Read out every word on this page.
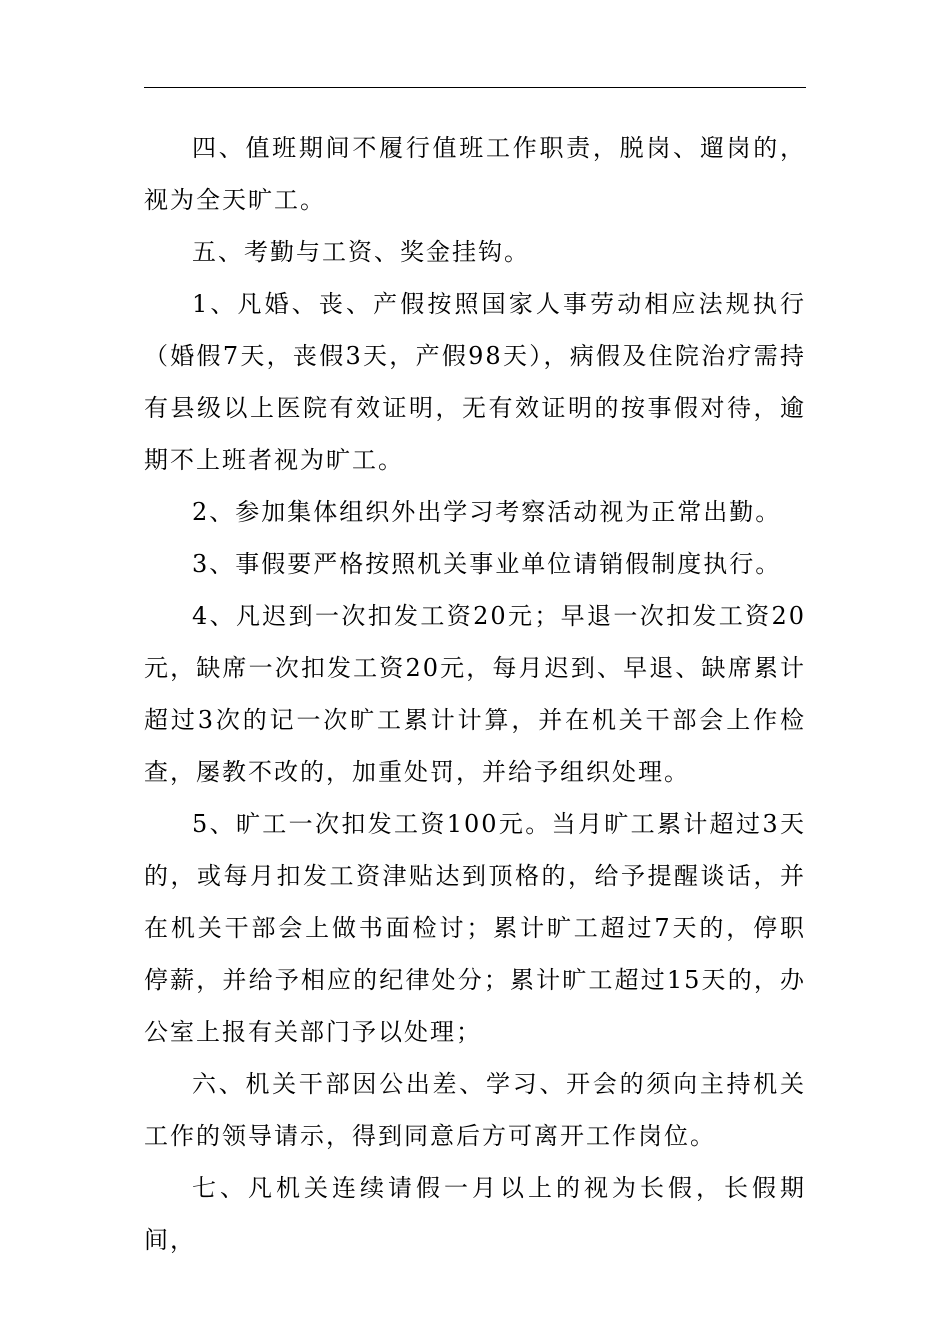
四、值班期间不履行值班工作职责，脱岗、遛岗的，视为全天旷工。

五、考勤与工资、奖金挂钩。

1、凡婚、丧、产假按照国家人事劳动相应法规执行（婚假7天，丧假3天，产假98天），病假及住院治疗需持有县级以上医院有效证明，无有效证明的按事假对待，逾期不上班者视为旷工。

2、参加集体组织外出学习考察活动视为正常出勤。

3、事假要严格按照机关事业单位请销假制度执行。

4、凡迟到一次扣发工资20元；早退一次扣发工资20元，缺席一次扣发工资20元，每月迟到、早退、缺席累计超过3次的记一次旷工累计计算，并在机关干部会上作检查，屡教不改的，加重处罚，并给予组织处理。

5、旷工一次扣发工资100元。当月旷工累计超过3天的，或每月扣发工资津贴达到顶格的，给予提醒谈话，并在机关干部会上做书面检讨；累计旷工超过7天的，停职停薪，并给予相应的纪律处分；累计旷工超过15天的，办公室上报有关部门予以处理；

六、机关干部因公出差、学习、开会的须向主持机关工作的领导请示，得到同意后方可离开工作岗位。

七、凡机关连续请假一月以上的视为长假，长假期间，
